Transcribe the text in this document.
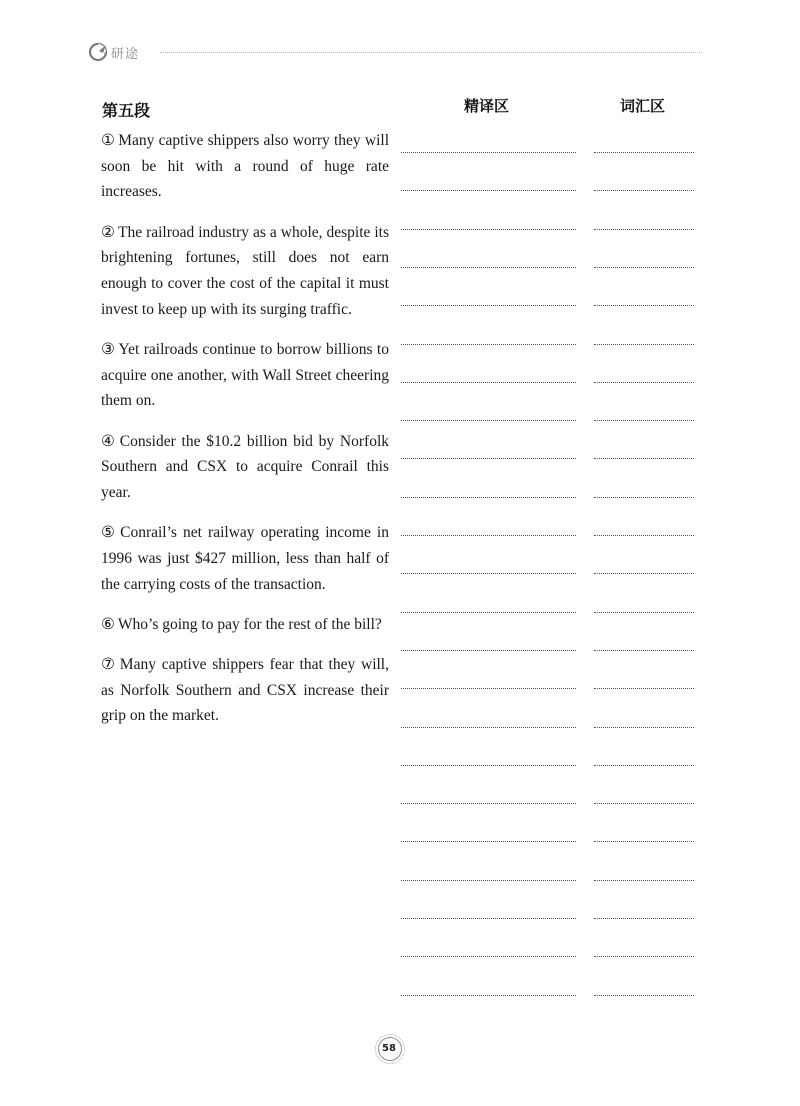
研途
第五段	精译区	词汇区

① Many captive shippers also worry they will soon be hit with a round of huge rate increases.

② The railroad industry as a whole, despite its brightening fortunes, still does not earn enough to cover the cost of the capital it must invest to keep up with its surging traffic.

③ Yet railroads continue to borrow billions to acquire one another, with Wall Street cheering them on.

④ Consider the $10.2 billion bid by Norfolk Southern and CSX to acquire Conrail this year.

⑤ Conrail’s net railway operating income in 1996 was just $427 million, less than half of the carrying costs of the transaction.

⑥ Who’s going to pay for the rest of the bill?

⑦ Many captive shippers fear that they will, as Norfolk Southern and CSX increase their grip on the market.

58
